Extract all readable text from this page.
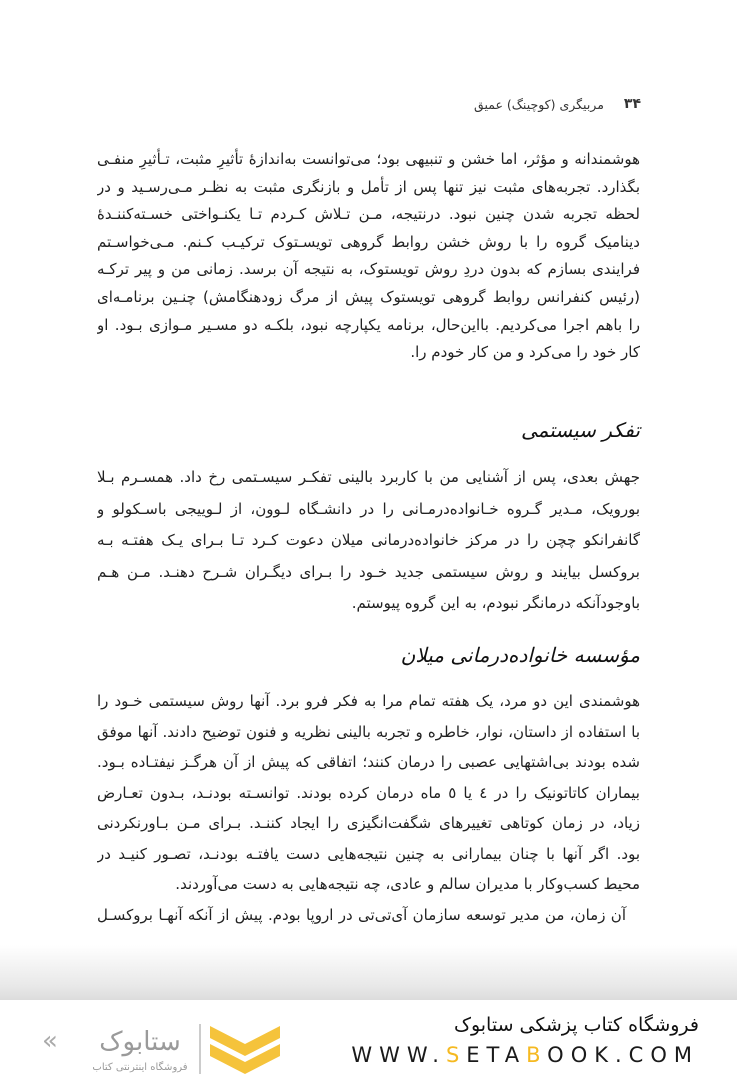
۳۴
مربیگری (کوچینگ) عمیق
هوشمندانه و مؤثر، اما خشن و تنبیهی بود؛ می‌توانست به‌اندازهٔ تأثیرِ مثبت، تـأثیرِ منفـی
بگذارد. تجربه‌های مثبت نیز تنها پس از تأمل و بازنگری مثبت به نظـر مـی‌رسـید و در
لحظه تجربه شدن چنین نبود. درنتیجه، مـن تـلاش کـردم تـا یکنـواختی خسـته‌کننـدهٔ
دینامیک گروه را با روش خشن روابط گروهی تویسـتوک ترکیـب کـنم. مـی‌خواسـتم
فرایندی بسازم که بدون دردِ روش تویستوک، به نتیجه آن برسد. زمانی من و پیر ترکـه
(رئیس کنفرانس روابط گروهی تویستوک پیش از مرگ زودهنگامش) چنـین برنامـه‌ای
را باهم اجرا می‌کردیم. بااین‌حال، برنامه یکپارچه نبود، بلکـه دو مسـیر مـوازی بـود. او
کار خود را می‌کرد و من کار خودم را.
تفکر سیستمی
جهش بعدی، پس از آشنایی من با کاربرد بالینی تفکـر سیسـتمی رخ داد. همسـرم بـلا
بورویک، مـدیر گـروه خـانواده‌درمـانی را در دانشـگاه لـوون، از لـوییجی باسـکولو و
گانفرانکو چچن را در مرکز خانواده‌درمانی میلان دعوت کـرد تـا بـرای یـک هفتـه بـه
بروکسل بیایند و روش سیستمی جدید خـود را بـرای دیگـران شـرح دهنـد. مـن هـم
باوجودآنکه درمانگر نبودم، به این گروه پیوستم.
مؤسسه خانواده‌درمانی میلان
هوشمندی این دو مرد، یک هفته تمام مرا به فکر فرو برد. آنها روش سیستمی خـود را
با استفاده از داستان، نوار، خاطره و تجربه بالینی نظریه و فنون توضیح دادند. آنها موفق
شده بودند بی‌اشتهایی عصبی را درمان کنند؛ اتفاقی که پیش از آن هرگـز نیفتـاده بـود.
بیماران کاتاتونیک را در ٤ یا ٥ ماه درمان کرده بودند. توانسـته بودنـد، بـدون تعـارض
زیاد، در زمان کوتاهی تغییرهای شگفت‌انگیزی را ایجاد کننـد. بـرای مـن بـاورنکردنی
بود. اگر آنها با چنان بیمارانی به چنین نتیجه‌هایی دست یافتـه بودنـد، تصـور کنیـد در
محیط کسب‌وکار با مدیران سالم و عادی، چه نتیجه‌هایی به دست می‌آوردند.
آن زمان، من مدیر توسعه سازمان آی‌تی‌تی در اروپا بودم. پیش از آنکه آنهـا بروکسـل
ستابوک
«
فروشگاه اینترنتی کتاب
فروشگاه کتاب پزشکی ستابوک
WWW.SETABOOK.COM
